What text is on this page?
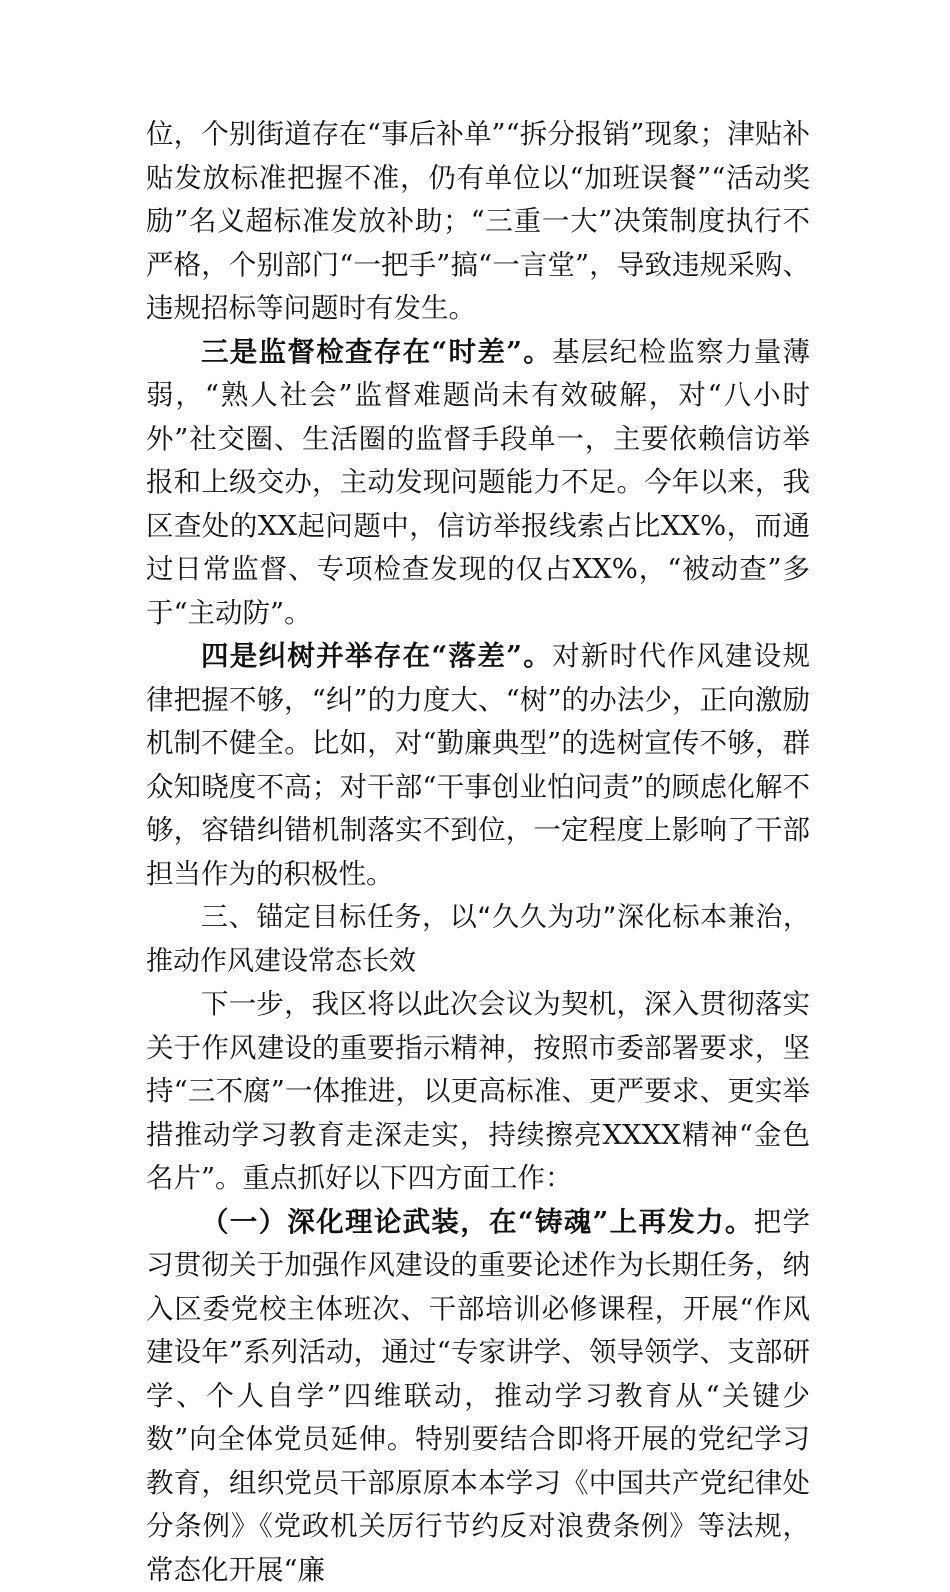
位，个别街道存在“事后补单”“拆分报销”现象；津贴补贴发放标准把握不准，仍有单位以“加班误餐”“活动奖励”名义超标准发放补助；“三重一大”决策制度执行不严格，个别部门“一把手”搞“一言堂”，导致违规采购、违规招标等问题时有发生。

三是监督检查存在“时差”。基层纪检监察力量薄弱，“熟人社会”监督难题尚未有效破解，对“八小时外”社交圈、生活圈的监督手段单一，主要依赖信访举报和上级交办，主动发现问题能力不足。今年以来，我区查处的XX起问题中，信访举报线索占比XX%，而通过日常监督、专项检查发现的仅占XX%，“被动查”多于“主动防”。

四是纠树并举存在“落差”。对新时代作风建设规律把握不够，“纠”的力度大、“树”的办法少，正向激励机制不健全。比如，对“勤廉典型”的选树宣传不够，群众知晓度不高；对干部“干事创业怕问责”的顾虑化解不够，容错纠错机制落实不到位，一定程度上影响了干部担当作为的积极性。

三、锚定目标任务，以“久久为功”深化标本兼治，推动作风建设常态长效

下一步，我区将以此次会议为契机，深入贯彻落实关于作风建设的重要指示精神，按照市委部署要求，坚持“三不腐”一体推进，以更高标准、更严要求、更实举措推动学习教育走深走实，持续擦亮XXXX精神“金色名片”。重点抓好以下四方面工作：

（一）深化理论武装，在“铸魂”上再发力。把学习贯彻关于加强作风建设的重要论述作为长期任务，纳入区委党校主体班次、干部培训必修课程，开展“作风建设年”系列活动，通过“专家讲学、领导领学、支部研学、个人自学”四维联动，推动学习教育从“关键少数”向全体党员延伸。特别要结合即将开展的党纪学习教育，组织党员干部原原本本学习《中国共产党纪律处分条例》《党政机关厉行节约反对浪费条例》等法规，常态化开展“廉
